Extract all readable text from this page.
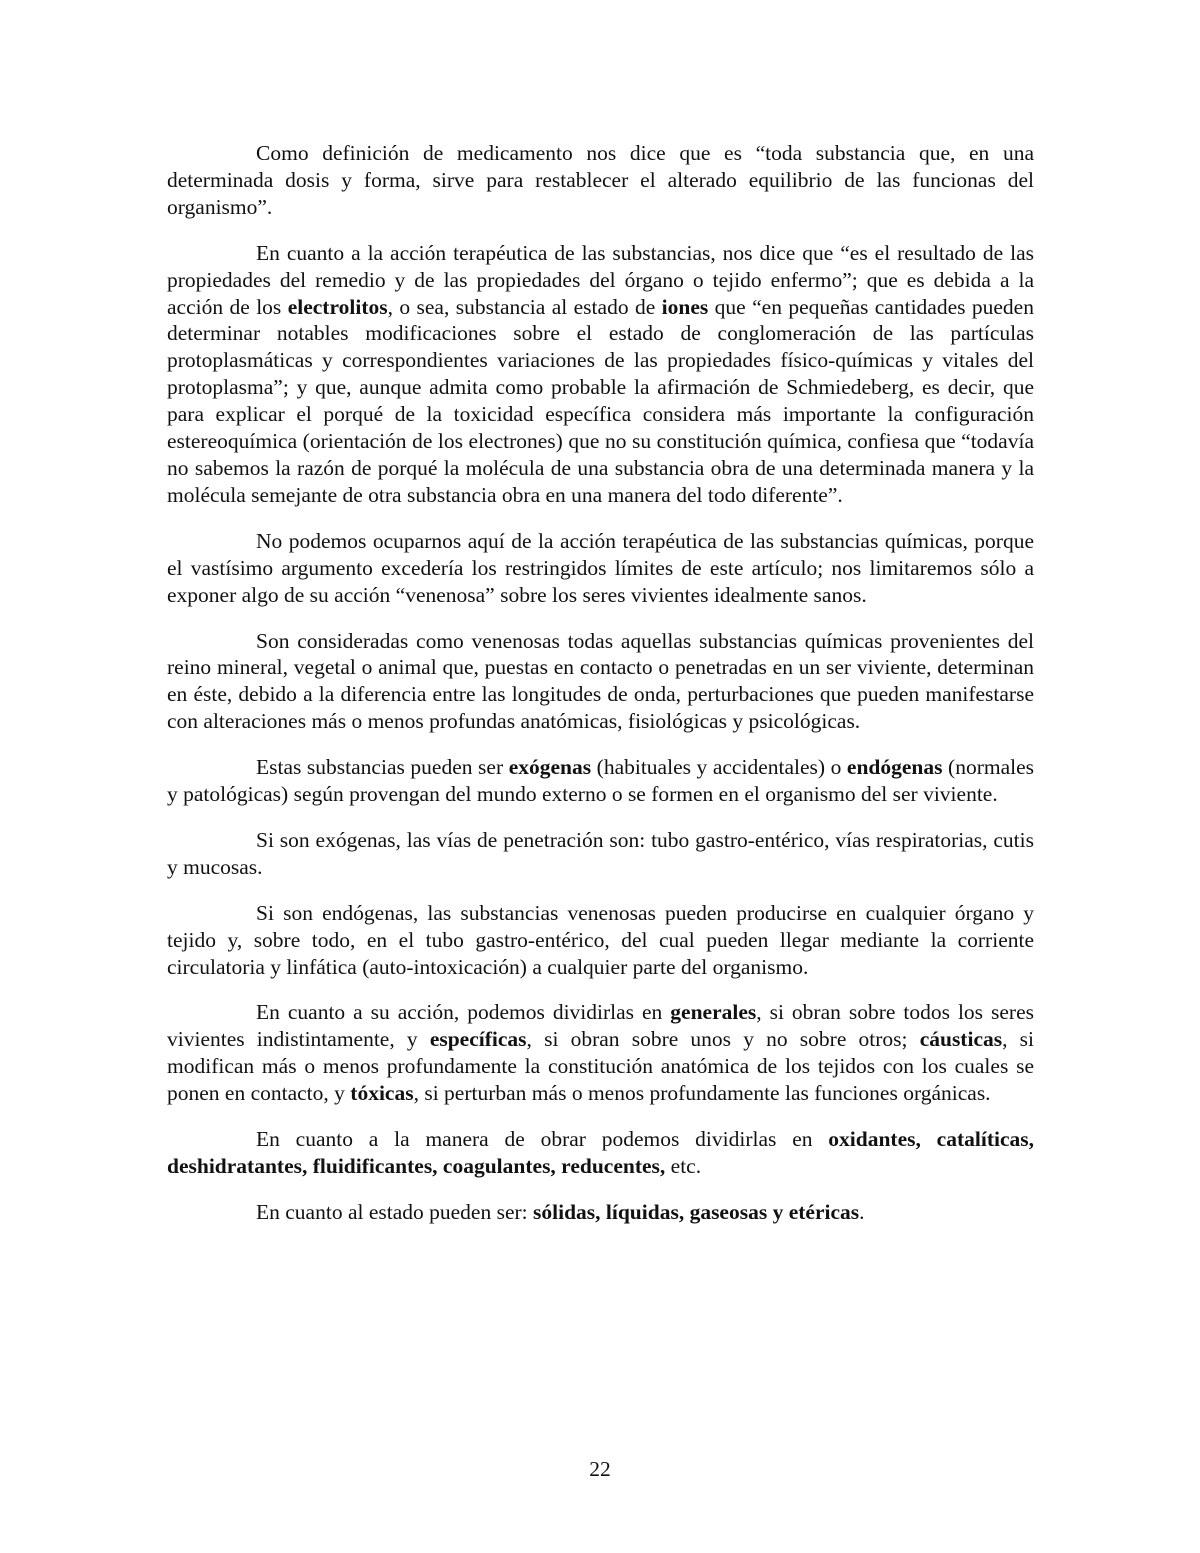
Como definición de medicamento nos dice que es “toda substancia que, en una determinada dosis y forma, sirve para restablecer el alterado equilibrio de las funcionas del organismo”.

En cuanto a la acción terapéutica de las substancias, nos dice que “es el resultado de las propiedades del remedio y de las propiedades del órgano o tejido enfermo”; que es debida a la acción de los electrolitos, o sea, substancia al estado de iones que “en pequeñas cantidades pueden determinar notables modificaciones sobre el estado de conglomeración de las partículas protoplasmáticas y correspondientes variaciones de las propiedades físico-químicas y vitales del protoplasma”; y que, aunque admita como probable la afirmación de Schmiedeberg, es decir, que para explicar el porqué de la toxicidad específica considera más importante la configuración estereoquímica (orientación de los electrones) que no su constitución química, confiesa que “todavía no sabemos la razón de porqué la molécula de una substancia obra de una determinada manera y la molécula semejante de otra substancia obra en una manera del todo diferente”.

No podemos ocuparnos aquí de la acción terapéutica de las substancias químicas, porque el vastísimo argumento excedería los restringidos límites de este artículo; nos limitaremos sólo a exponer algo de su acción “venenosa” sobre los seres vivientes idealmente sanos.

Son consideradas como venenosas todas aquellas substancias químicas provenientes del reino mineral, vegetal o animal que, puestas en contacto o penetradas en un ser viviente, determinan en éste, debido a la diferencia entre las longitudes de onda, perturbaciones que pueden manifestarse con alteraciones más o menos profundas anatómicas, fisiológicas y psicológicas.

Estas substancias pueden ser exógenas (habituales y accidentales) o endógenas (normales y patológicas) según provengan del mundo externo o se formen en el organismo del ser viviente.

Si son exógenas, las vías de penetración son: tubo gastro-entérico, vías respiratorias, cutis y mucosas.

Si son endógenas, las substancias venenosas pueden producirse en cualquier órgano y tejido y, sobre todo, en el tubo gastro-entérico, del cual pueden llegar mediante la corriente circulatoria y linfática (auto-intoxicación) a cualquier parte del organismo.

En cuanto a su acción, podemos dividirlas en generales, si obran sobre todos los seres vivientes indistintamente, y específicas, si obran sobre unos y no sobre otros; cáusticas, si modifican más o menos profundamente la constitución anatómica de los tejidos con los cuales se ponen en contacto, y tóxicas, si perturban más o menos profundamente las funciones orgánicas.

En cuanto a la manera de obrar podemos dividirlas en oxidantes, catalíticas, deshidratantes, fluidificantes, coagulantes, reducentes, etc.

En cuanto al estado pueden ser: sólidas, líquidas, gaseosas y etéricas.

22
